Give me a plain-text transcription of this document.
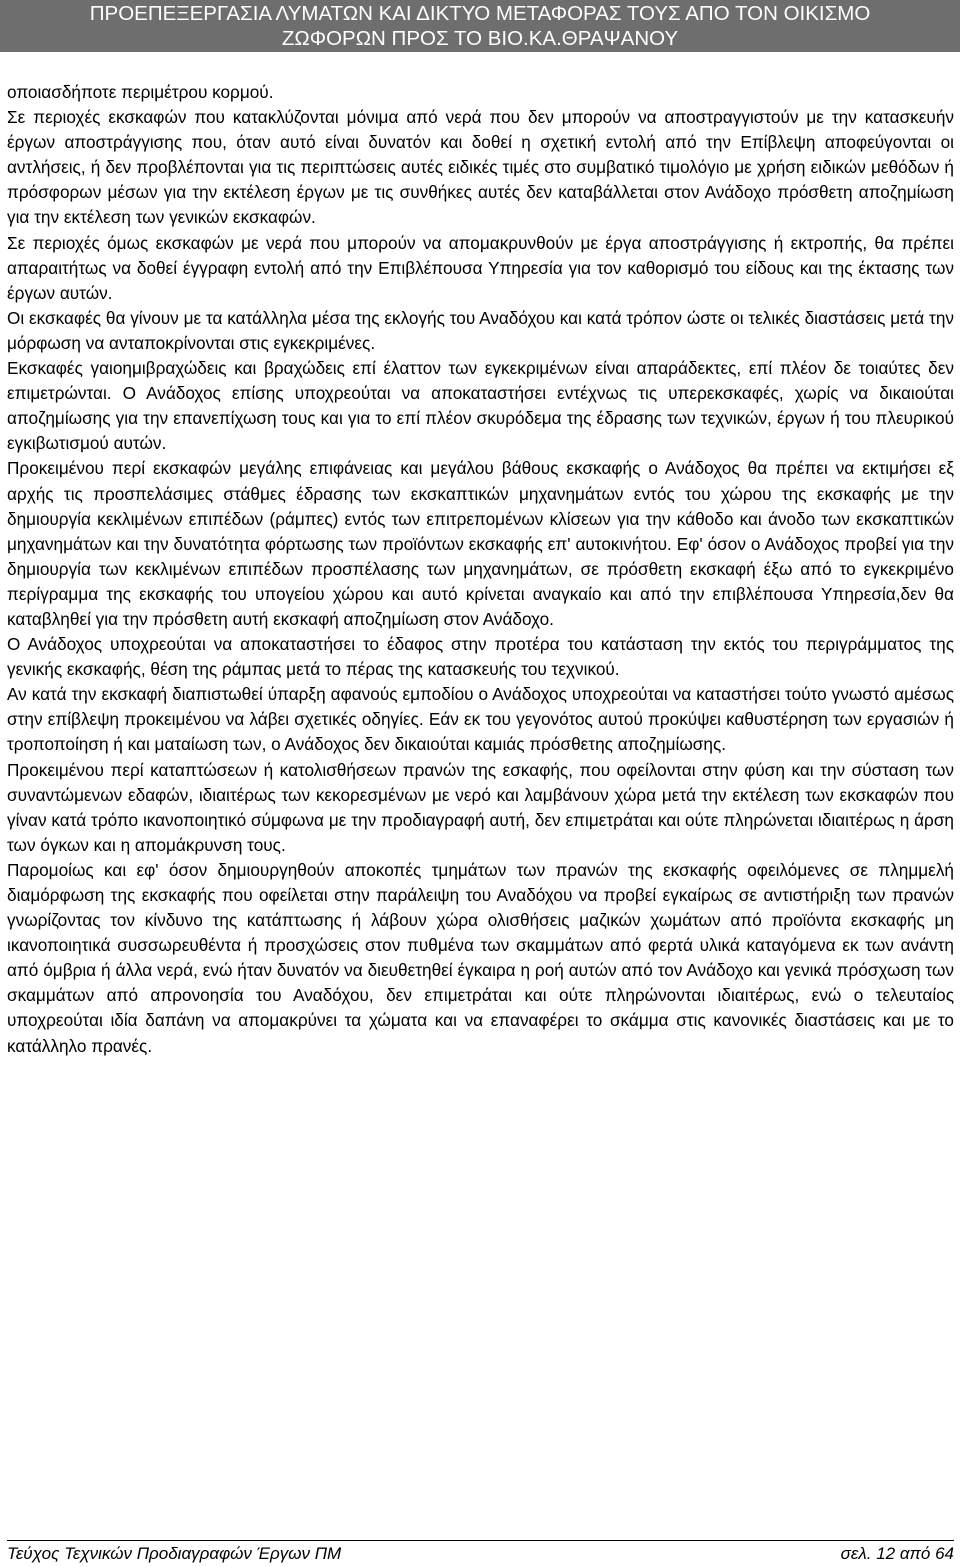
ΠΡΟΕΠΕΞΕΡΓΑΣΙΑ ΛΥΜΑΤΩΝ ΚΑΙ ΔΙΚΤΥΟ ΜΕΤΑΦΟΡΑΣ ΤΟΥΣ ΑΠΟ ΤΟΝ ΟΙΚΙΣΜΟ
ΖΩΦΟΡΩΝ ΠΡΟΣ ΤΟ ΒΙΟ.ΚΑ.ΘΡΑΨΑΝΟΥ

οποιασδήποτε περιμέτρου κορμού.

Σε περιοχές εκσκαφών που κατακλύζονται μόνιμα από νερά που δεν μπορούν να αποστραγγιστούν με την κατασκευήν έργων αποστράγγισης που, όταν αυτό είναι δυνατόν και δοθεί η σχετική εντολή από την Επίβλεψη αποφεύγονται οι αντλήσεις, ή δεν προβλέπονται για τις περιπτώσεις αυτές ειδικές τιμές στο συμβατικό τιμολόγιο με χρήση ειδικών μεθόδων ή πρόσφορων μέσων για την εκτέλεση έργων με τις συνθήκες αυτές δεν καταβάλλεται στον Ανάδοχο πρόσθετη αποζημίωση για την εκτέλεση των γενικών εκσκαφών.

Σε περιοχές όμως εκσκαφών με νερά που μπορούν να απομακρυνθούν με έργα αποστράγγισης ή εκτροπής, θα πρέπει απαραιτήτως να δοθεί έγγραφη εντολή από την Επιβλέπουσα Υπηρεσία για τον καθορισμό του είδους και της έκτασης των έργων αυτών.

Οι εκσκαφές θα γίνουν με τα κατάλληλα μέσα της εκλογής του Αναδόχου και κατά τρόπον ώστε οι τελικές διαστάσεις μετά την μόρφωση να ανταποκρίνονται στις εγκεκριμένες.

Εκσκαφές γαιοημιβραχώδεις και βραχώδεις επί έλαττον των εγκεκριμένων είναι απαράδεκτες, επί πλέον δε τοιαύτες δεν επιμετρώνται. Ο Ανάδοχος επίσης υποχρεούται να αποκαταστήσει εντέχνως τις υπερεκσκαφές, χωρίς να δικαιούται αποζημίωσης για την επανεπίχωση τους και για το επί πλέον σκυρόδεμα της έδρασης των τεχνικών, έργων ή του πλευρικού εγκιβωτισμού αυτών.

Προκειμένου περί εκσκαφών μεγάλης επιφάνειας και μεγάλου βάθους εκσκαφής ο Ανάδοχος θα πρέπει να εκτιμήσει εξ αρχής τις προσπελάσιμες στάθμες έδρασης των εκσκαπτικών μηχανημάτων εντός του χώρου της εκσκαφής με την δημιουργία κεκλιμένων επιπέδων (ράμπες) εντός των επιτρεπομένων κλίσεων για την κάθοδο και άνοδο των εκσκαπτικών μηχανημάτων και την δυνατότητα φόρτωσης των προϊόντων εκσκαφής επ' αυτοκινήτου. Εφ' όσον ο Ανάδοχος προβεί για την δημιουργία των κεκλιμένων επιπέδων προσπέλασης των μηχανημάτων, σε πρόσθετη εκσκαφή έξω από το εγκεκριμένο περίγραμμα της εκσκαφής του υπογείου χώρου και αυτό κρίνεται αναγκαίο και από την επιβλέπουσα Υπηρεσία,δεν θα καταβληθεί για την πρόσθετη αυτή εκσκαφή αποζημίωση στον Ανάδοχο.

Ο Ανάδοχος υποχρεούται να αποκαταστήσει το έδαφος στην προτέρα του κατάσταση την εκτός του περιγράμματος της γενικής εκσκαφής, θέση της ράμπας μετά το πέρας της κατασκευής του τεχνικού.

Αν κατά την εκσκαφή διαπιστωθεί ύπαρξη αφανούς εμποδίου ο Ανάδοχος υποχρεούται να καταστήσει τούτο γνωστό αμέσως στην επίβλεψη προκειμένου να λάβει σχετικές οδηγίες. Εάν εκ του γεγονότος αυτού προκύψει καθυστέρηση των εργασιών ή τροποποίηση ή και ματαίωση των, ο Ανάδοχος δεν δικαιούται καμιάς πρόσθετης αποζημίωσης.

Προκειμένου περί καταπτώσεων ή κατολισθήσεων πρανών της εσκαφής, που οφείλονται στην φύση και την σύσταση των συναντώμενων εδαφών, ιδιαιτέρως των κεκορεσμένων με νερό και λαμβάνουν χώρα μετά την εκτέλεση των εκσκαφών που γίναν κατά τρόπο ικανοποιητικό σύμφωνα με την προδιαγραφή αυτή, δεν επιμετράται και ούτε πληρώνεται ιδιαιτέρως η άρση των όγκων και η απομάκρυνση τους.

Παρομοίως και εφ' όσον δημιουργηθούν αποκοπές τμημάτων των πρανών της εκσκαφής οφειλόμενες σε πλημμελή διαμόρφωση της εκσκαφής που οφείλεται στην παράλειψη του Αναδόχου να προβεί εγκαίρως σε αντιστήριξη των πρανών γνωρίζοντας τον κίνδυνο της κατάπτωσης ή λάβουν χώρα ολισθήσεις μαζικών χωμάτων από προϊόντα εκσκαφής μη ικανοποιητικά συσσωρευθέντα ή προσχώσεις στον πυθμένα των σκαμμάτων από φερτά υλικά καταγόμενα εκ των ανάντη από όμβρια ή άλλα νερά, ενώ ήταν δυνατόν να διευθετηθεί έγκαιρα η ροή αυτών από τον Ανάδοχο και γενικά πρόσχωση των σκαμμάτων από απρονοησία του Αναδόχου, δεν επιμετράται και ούτε πληρώνονται ιδιαιτέρως, ενώ ο τελευταίος υποχρεούται ιδία δαπάνη να απομακρύνει τα χώματα και να επαναφέρει το σκάμμα στις κανονικές διαστάσεις και με το κατάλληλο πρανές.

Τεύχος Τεχνικών Προδιαγραφών Έργων ΠΜ	σελ. 12 από 64
